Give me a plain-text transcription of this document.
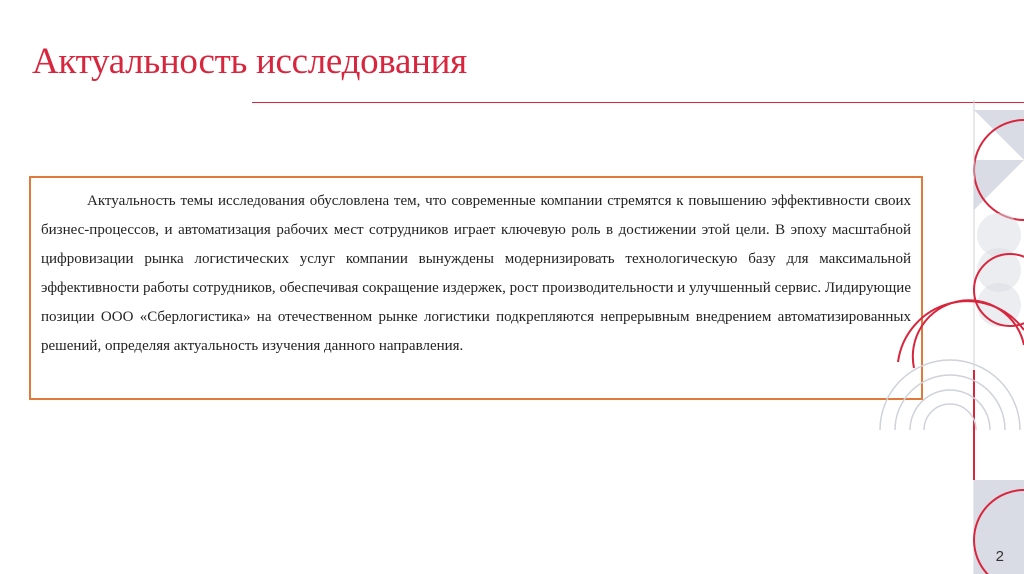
Актуальность исследования

Актуальность темы исследования обусловлена тем, что современные компании стремятся к повышению эффективности своих бизнес-процессов, и автоматизация рабочих мест сотрудников играет ключевую роль в достижении этой цели. В эпоху масштабной цифровизации рынка логистических услуг компании вынуждены модернизировать технологическую базу для максимальной эффективности работы сотрудников, обеспечивая сокращение издержек, рост производительности и улучшенный сервис. Лидирующие позиции ООО «Сберлогистика» на отечественном рынке логистики подкрепляются непрерывным внедрением автоматизированных решений, определяя актуальность изучения данного направления.

2
